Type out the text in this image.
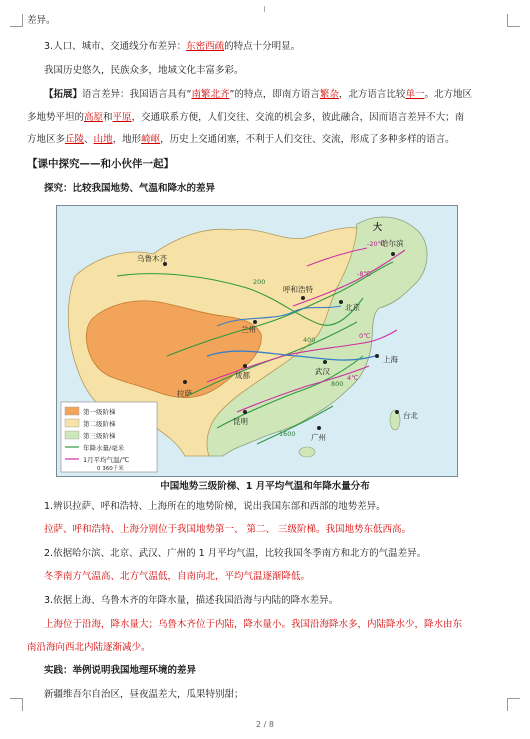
差异。
3.人口、城市、交通线分布差异：东密西疏的特点十分明显。
我国历史悠久，民族众多，地域文化丰富多彩。
【拓展】语言差异：我国语言具有“南繁北齐”的特点，即南方语言繁杂，北方语言比较单一。北方地区
多地势平坦的高原和平原，交通联系方便，人们交往、交流的机会多，彼此融合，因而语言差异不大；南
方地区多丘陵、山地，地形崎岖，历史上交通闭塞，不利于人们交往、交流，形成了多种多样的语言。
【课中探究——和小伙伴一起】
探究：比较我国地势、气温和降水的差异
乌鲁木齐
呼和浩特
北京
哈尔滨
兰州
拉萨
成都	武汉
上海
昆明
广州
台北
大
200
400
800
1600
0℃
-8℃
-20℃
4℃
第一级阶梯
第二级阶梯
第三级阶梯
年降水量/毫米
1月平均气温/℃
0 360千米
中国地势三级阶梯、1 月平均气温和年降水量分布
1.辨识拉萨、呼和浩特、上海所在的地势阶梯，说出我国东部和西部的地势差异。
拉萨、呼和浩特、上海分别位于我国地势第一、 第二、 三级阶梯。我国地势东低西高。
2.依据哈尔滨、北京、武汉、广州的 1 月平均气温，比较我国冬季南方和北方的气温差异。
冬季南方气温高、北方气温低，自南向北，平均气温逐渐降低。
3.依据上海、乌鲁木齐的年降水量，描述我国沿海与内陆的降水差异。
上海位于沿海，降水量大；乌鲁木齐位于内陆，降水量小。我国沿海降水多，内陆降水少，降水由东
南沿海向西北内陆逐渐减少。
实践：举例说明我国地理环境的差异
新疆维吾尔自治区，昼夜温差大，瓜果特别甜；
2 / 8
